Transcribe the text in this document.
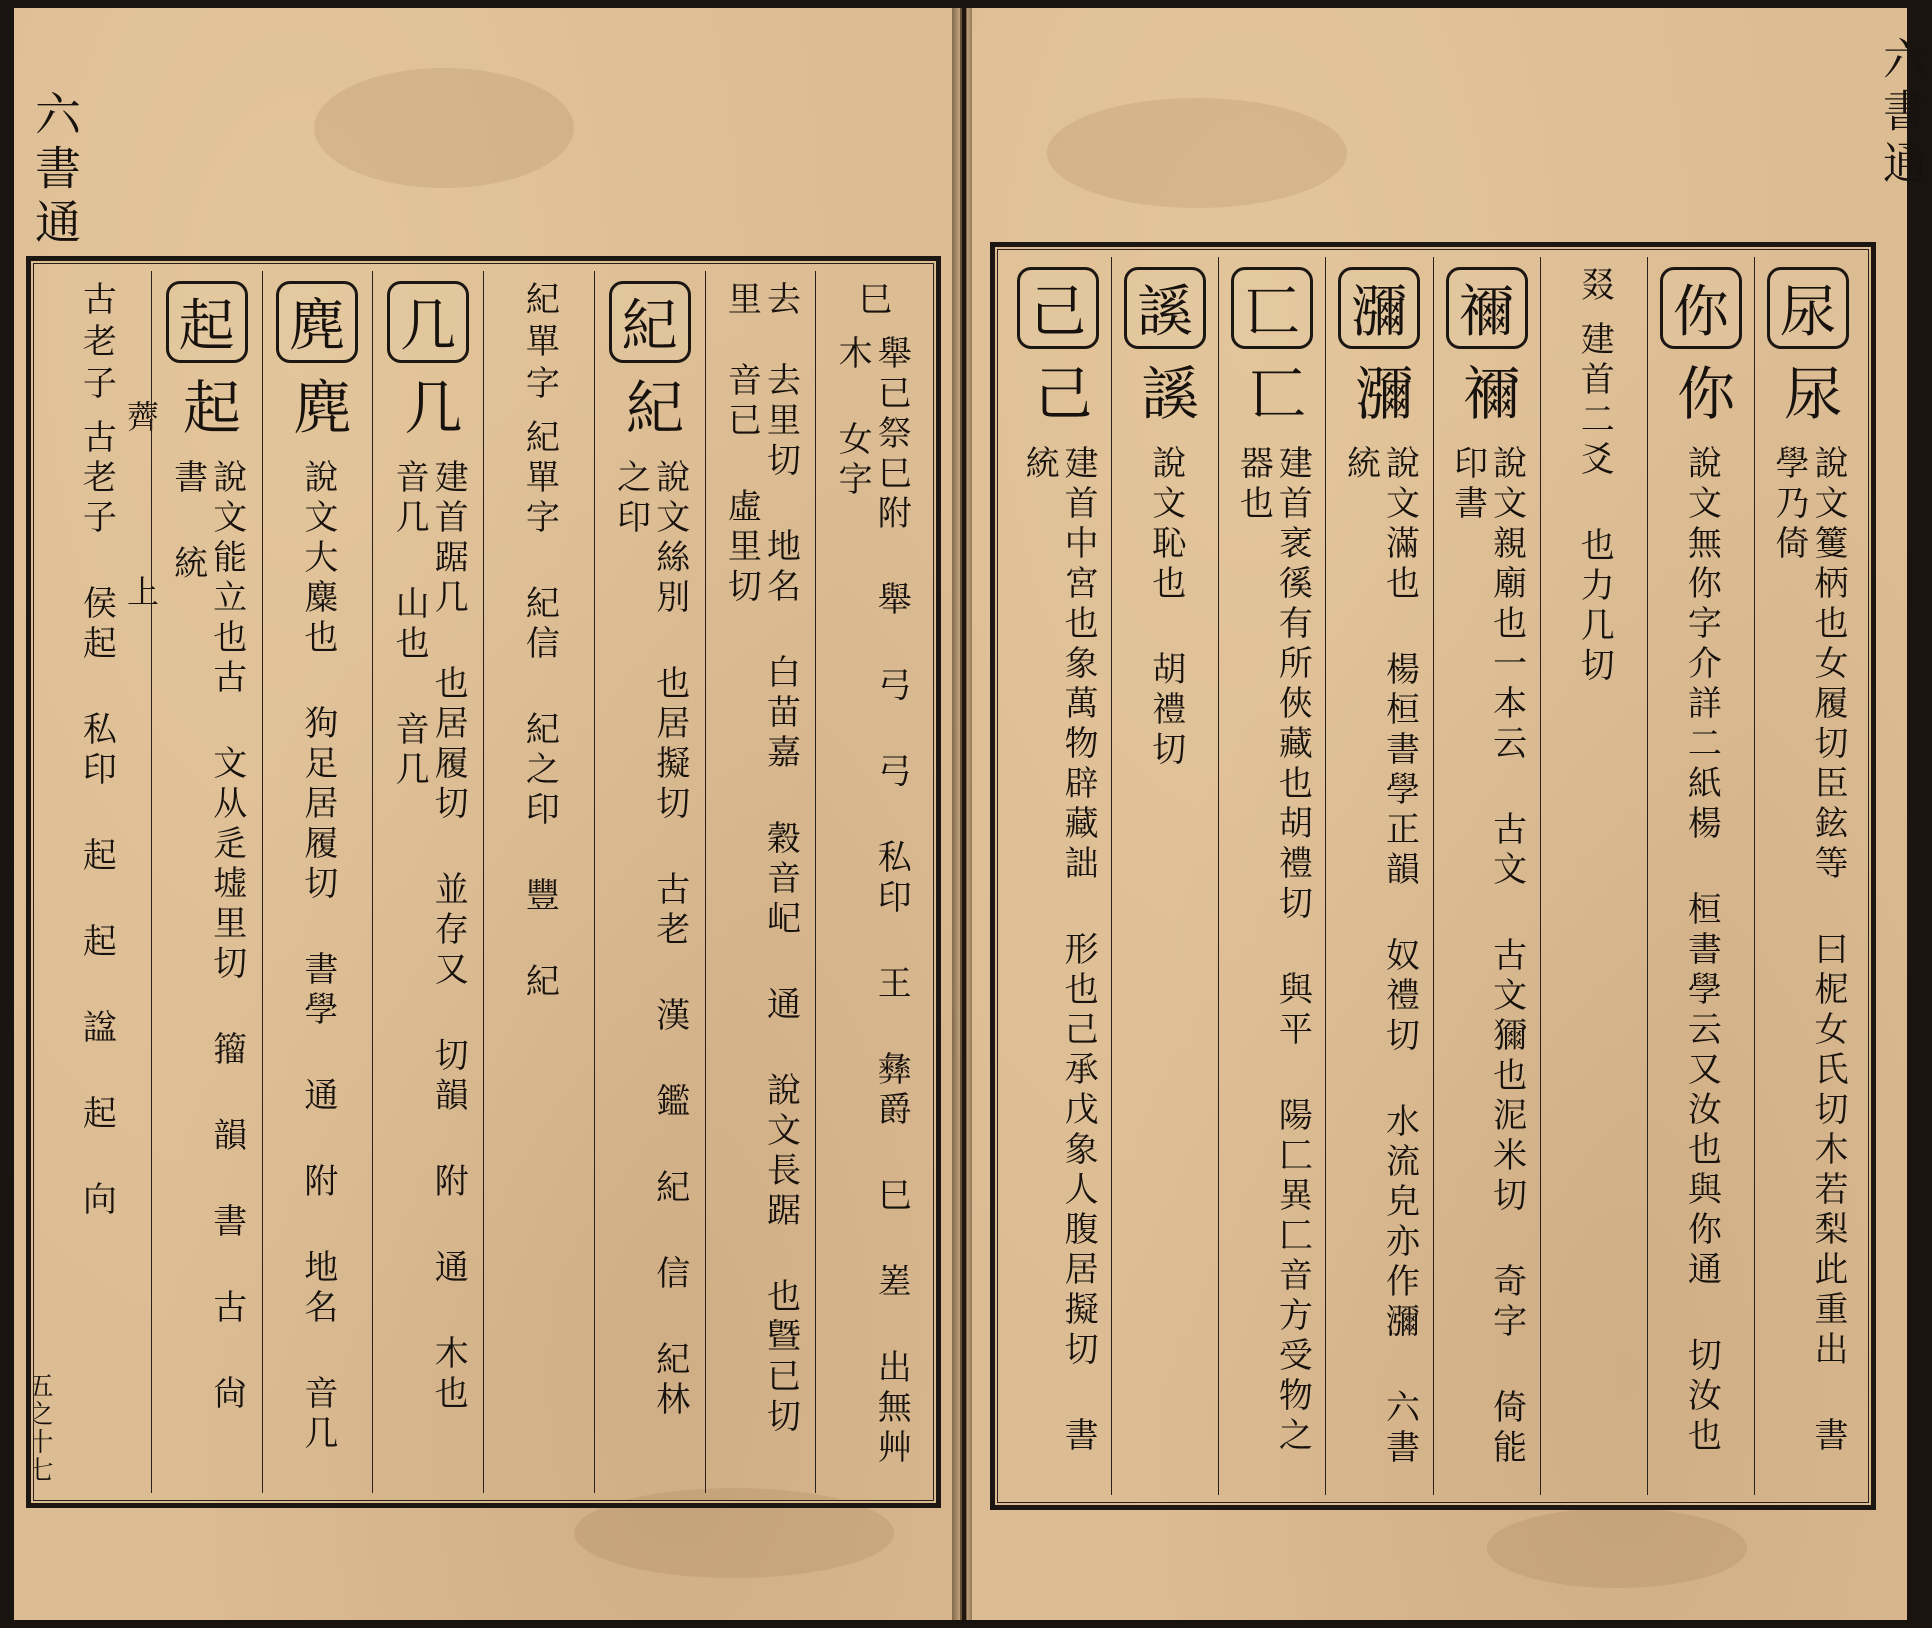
六書通
五之十七
六書通
薺
上
巳
舉已祭巳附 舉 弓 弓 私印 王 彝爵 巳 嵳 出無艸木 女字
去里
去里切 地名 白苗嘉 穀音屺 通 說文長踞 也曁已切 音已 虛里切
紀
紀
說文絲別 也居擬切 古老 漢 鑑 紀 信 紀林 之印
紀單字
紀單字 紀信 紀之印 豐 紀
几
几
建首踞几 也居履切 並存又 切韻 附 通 木也 音几 山也 音几
麂
麂
說文大麋也 狗足居履切 書學 通 附 地名 音几
起
起
說文能立也古 文从辵墟里切 籀 韻 書 古 尙 書 統
古老子
古老子 侯起 私印 起 起 諡 起 向
尿
尿
說文籆柄也女履切臣鉉等 曰柅女氏切木若梨此重出 書學乃倚
你
你
說文無你字介詳二紙楊 桓書學云又汝也與你通 切汝也
叕
建首二爻 也力几切
禰
禰
說文親廟也一本云 古文 古文獮也泥米切 奇字 倚能 印書
瀰
瀰
說文滿也 楊桓書學正韻 奴禮切 水流皃亦作瀰 六書 統
匸
匸
建首衺徯有所俠藏也胡禮切 與平 陽匚異匚音方受物之器也
謑
謑
說文恥也 胡禮切
己
己
建首中宮也象萬物辟藏詘 形也己承戊象人腹居擬切 書 統
